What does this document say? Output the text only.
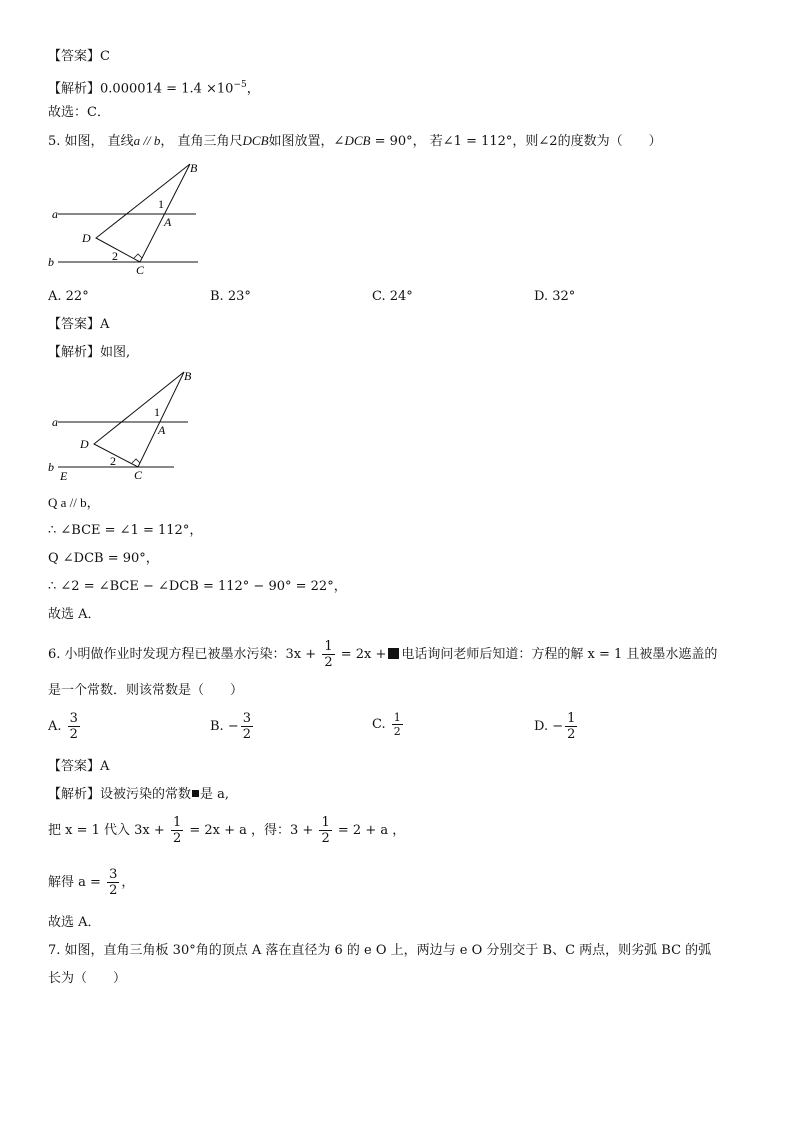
【答案】C
【解析】$0.000014 = 1.4 \times 10^{-5}$，
故选：C．
5. 如图， 直线a // b， 直角三角尺DCB如图放置，∠DCB = 90°， 若∠1 = 112°，则∠2的度数为（　　）
B
a
1
A
D
2
b
C
A. 22°	B. 23°	C. 24°	D. 32°
【答案】A
【解析】如图,
B
a
1
A
D
2
b
E	C
Q a // b，
∴ ∠BCE = ∠1 = 112°，
Q ∠DCB = 90°，
∴ ∠2 = ∠BCE − ∠DCB = 112° − 90° = 22°，
故选 A．
6. 小明做作业时发现方程已被墨水污染：$3x + \frac{1}{2} = 2x$ + 电话询问老师后知道：方程的解 x = 1 且被墨水遮盖的
是一个常数．则该常数是（　　）
A. $\frac{3}{2}$	B. − $\frac{3}{2}$	C. $\frac{1}{2}$	D. − $\frac{1}{2}$
【答案】A
【解析】设被污染的常数 是 a,
把 x = 1 代入 $3x + \frac{1}{2} = 2x + a$ ，得：$3 + \frac{1}{2} = 2 + a$ ，
解得 $a = \frac{3}{2}$ ，
故选 A．
7. 如图，直角三角板 30°角的顶点 A 落在直径为 6 的 e O 上，两边与 e O 分别交于 B、C 两点，则劣弧 BC 的弧
长为（　　）
